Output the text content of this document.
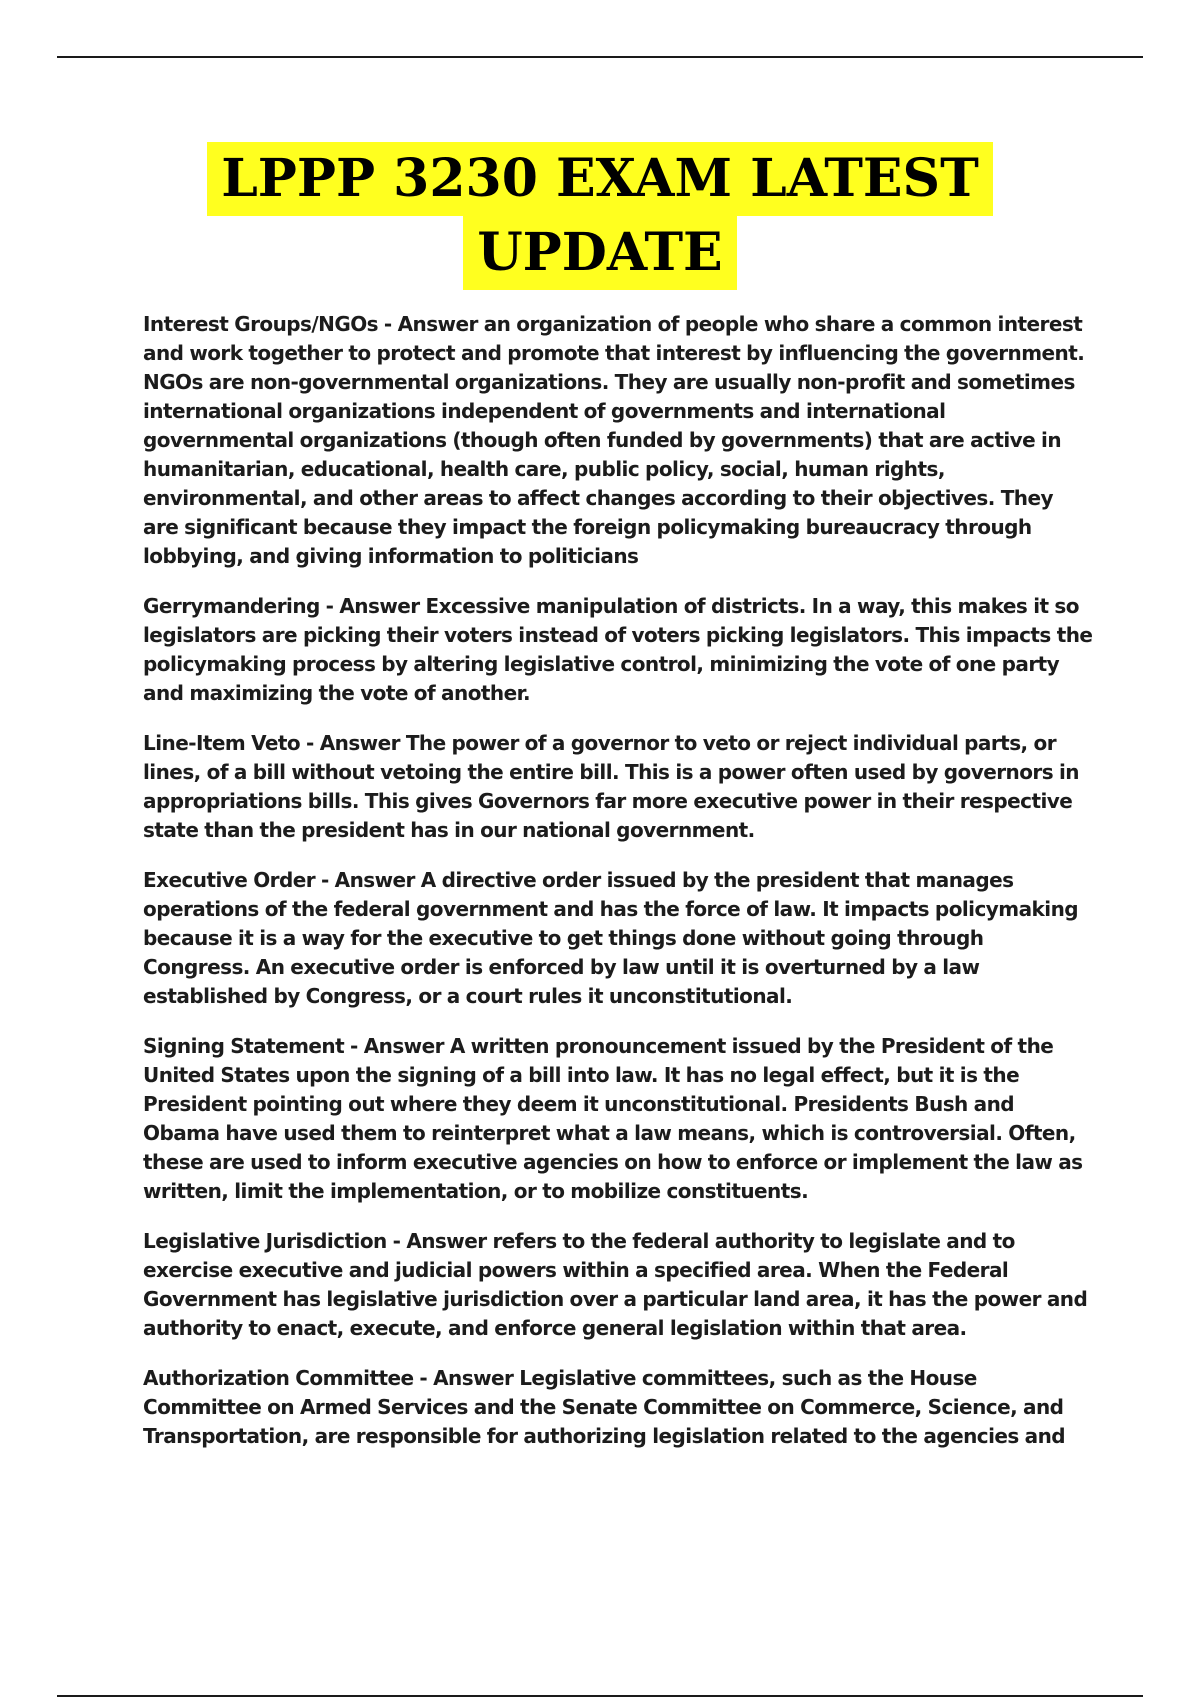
LPPP 3230 EXAM LATEST
UPDATE

Interest Groups/NGOs - Answer an organization of people who share a common interest and work together to protect and promote that interest by influencing the government. NGOs are non-governmental organizations. They are usually non-profit and sometimes international organizations independent of governments and international governmental organizations (though often funded by governments) that are active in humanitarian, educational, health care, public policy, social, human rights, environmental, and other areas to affect changes according to their objectives. They are significant because they impact the foreign policymaking bureaucracy through lobbying, and giving information to politicians

Gerrymandering - Answer Excessive manipulation of districts. In a way, this makes it so legislators are picking their voters instead of voters picking legislators. This impacts the policymaking process by altering legislative control, minimizing the vote of one party and maximizing the vote of another.

Line-Item Veto - Answer The power of a governor to veto or reject individual parts, or lines, of a bill without vetoing the entire bill. This is a power often used by governors in appropriations bills. This gives Governors far more executive power in their respective state than the president has in our national government.

Executive Order - Answer A directive order issued by the president that manages operations of the federal government and has the force of law. It impacts policymaking because it is a way for the executive to get things done without going through Congress. An executive order is enforced by law until it is overturned by a law established by Congress, or a court rules it unconstitutional.

Signing Statement - Answer A written pronouncement issued by the President of the United States upon the signing of a bill into law. It has no legal effect, but it is the President pointing out where they deem it unconstitutional. Presidents Bush and Obama have used them to reinterpret what a law means, which is controversial. Often, these are used to inform executive agencies on how to enforce or implement the law as written, limit the implementation, or to mobilize constituents.

Legislative Jurisdiction - Answer refers to the federal authority to legislate and to exercise executive and judicial powers within a specified area. When the Federal Government has legislative jurisdiction over a particular land area, it has the power and authority to enact, execute, and enforce general legislation within that area.

Authorization Committee - Answer Legislative committees, such as the House Committee on Armed Services and the Senate Committee on Commerce, Science, and Transportation, are responsible for authorizing legislation related to the agencies and
